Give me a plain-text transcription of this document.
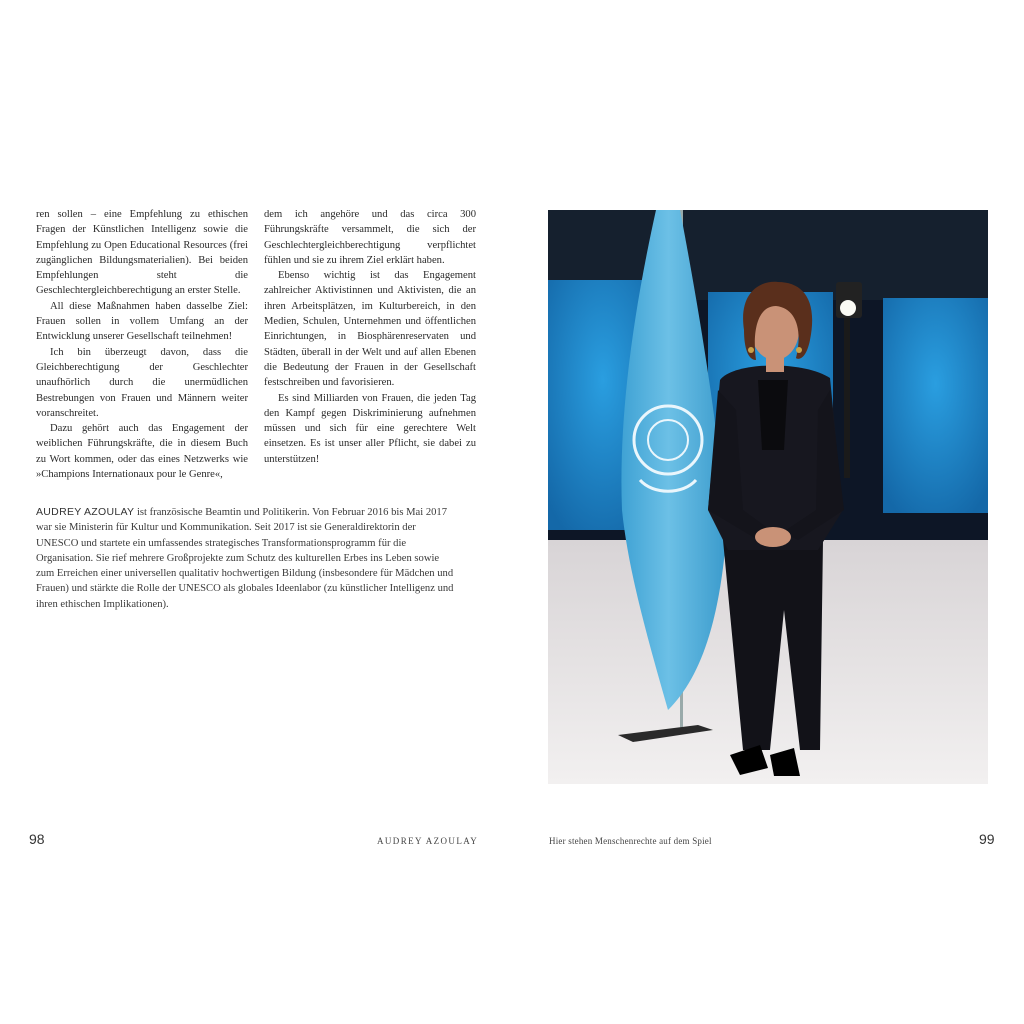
ren sollen – eine Empfehlung zu ethischen Fragen der Künstlichen Intelligenz sowie die Empfehlung zu Open Educational Resources (frei zugänglichen Bildungsmaterialien). Bei beiden Empfehlungen steht die Geschlechtergleichberechtigung an erster Stelle.

All diese Maßnahmen haben dasselbe Ziel: Frauen sollen in vollem Umfang an der Entwicklung unserer Gesellschaft teilnehmen!

Ich bin überzeugt davon, dass die Gleichberechtigung der Geschlechter unaufhörlich durch die unermüdlichen Bestrebungen von Frauen und Männern weiter voranschreitet.

Dazu gehört auch das Engagement der weiblichen Führungskräfte, die in diesem Buch zu Wort kommen, oder das eines Netzwerks wie »Champions Internationaux pour le Genre«,

dem ich angehöre und das circa 300 Führungskräfte versammelt, die sich der Geschlechtergleichberechtigung verpflichtet fühlen und sie zu ihrem Ziel erklärt haben.

Ebenso wichtig ist das Engagement zahlreicher Aktivistinnen und Aktivisten, die an ihren Arbeitsplätzen, im Kulturbereich, in den Medien, Schulen, Unternehmen und öffentlichen Einrichtungen, in Biosphärenreservaten und Städten, überall in der Welt und auf allen Ebenen die Bedeutung der Frauen in der Gesellschaft festschreiben und favorisieren.

Es sind Milliarden von Frauen, die jeden Tag den Kampf gegen Diskriminierung aufnehmen müssen und sich für eine gerechtere Welt einsetzen. Es ist unser aller Pflicht, sie dabei zu unterstützen!

AUDREY AZOULAY ist französische Beamtin und Politikerin. Von Februar 2016 bis Mai 2017 war sie Ministerin für Kultur und Kommunikation. Seit 2017 ist sie Generaldirektorin der UNESCO und startete ein umfassendes strategisches Transformationsprogramm für die Organisation. Sie rief mehrere Großprojekte zum Schutz des kulturellen Erbes ins Leben sowie zum Erreichen einer universellen qualitativ hochwertigen Bildung (insbesondere für Mädchen und Frauen) und stärkte die Rolle der UNESCO als globales Ideenlabor (zu künstlicher Intelligenz und ihren ethischen Implikationen).
98	AUDREY AZOULAY	Hier stehen Menschenrechte auf dem Spiel	99
